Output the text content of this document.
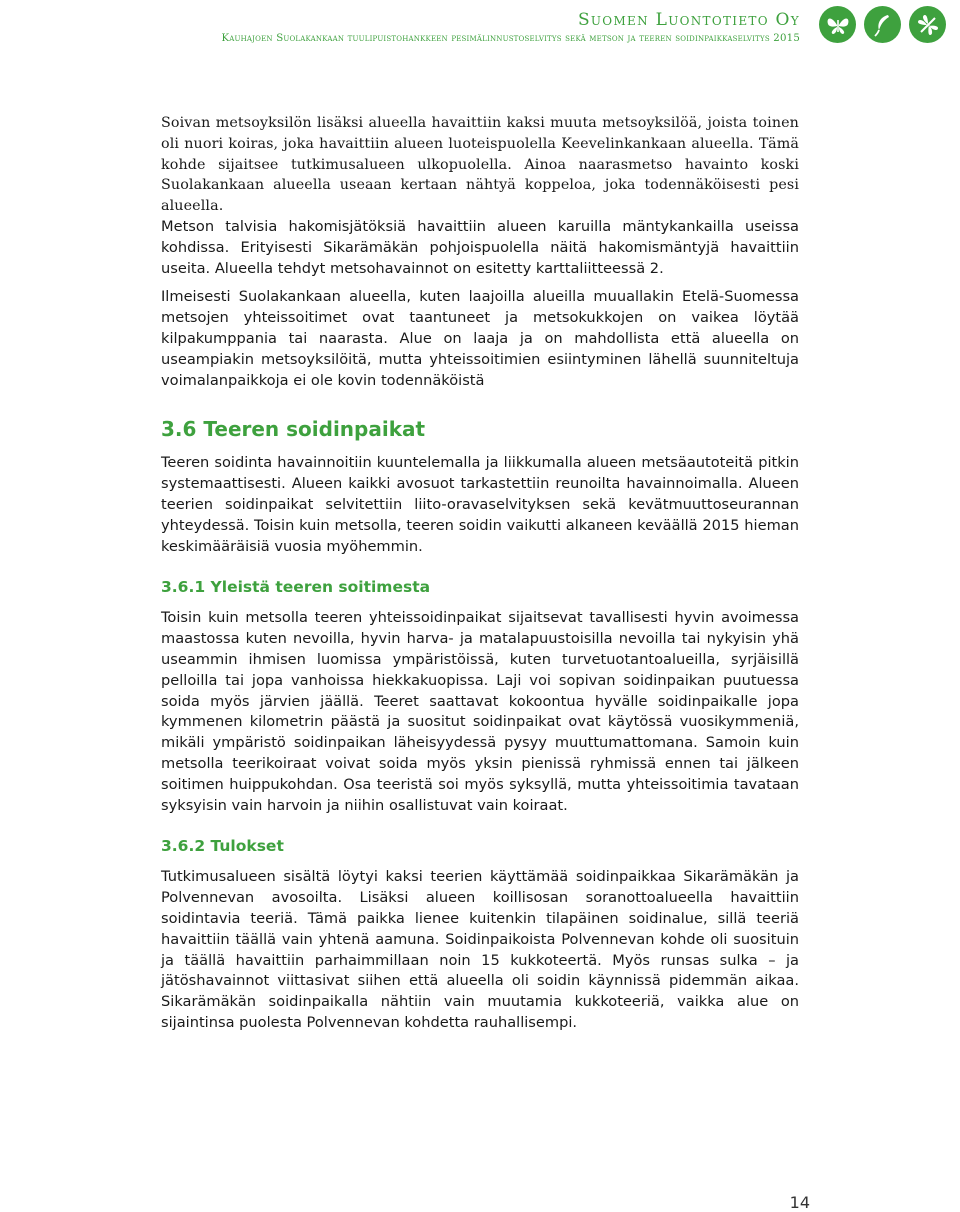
Suomen Luontotieto Oy
Kauhajoen Suolakankaan tuulipuistohankkeen pesimälinnustoselvitys sekä metson ja teeren soidinpaikkaselvitys 2015

Soivan metsoyksilön lisäksi alueella havaittiin kaksi muuta metsoyksilöä, joista toinen oli nuori koiras, joka havaittiin alueen luoteispuolella Keevelinkankaan alueella. Tämä kohde sijaitsee tutkimusalueen ulkopuolella. Ainoa naarasmetso havainto koski Suolakankaan alueella useaan kertaan nähtyä koppeloa, joka todennäköisesti pesi alueella.

Metson talvisia hakomisjätöksiä havaittiin alueen karuilla mäntykankailla useissa kohdissa. Erityisesti Sikarämäkän pohjoispuolella näitä hakomismäntyjä havaittiin useita. Alueella tehdyt metsohavainnot on esitetty karttaliitteessä 2.

Ilmeisesti Suolakankaan alueella, kuten laajoilla alueilla muuallakin Etelä-Suomessa metsojen yhteissoitimet ovat taantuneet ja metsokukkojen on vaikea löytää kilpakumppania tai naarasta. Alue on laaja ja on mahdollista että alueella on useampiakin metsoyksilöitä, mutta yhteissoitimien esiintyminen lähellä suunniteltuja voimalanpaikkoja ei ole kovin todennäköistä

3.6 Teeren soidinpaikat

Teeren soidinta havainnoitiin kuuntelemalla ja liikkumalla alueen metsäautoteitä pitkin systemaattisesti. Alueen kaikki avosuot tarkastettiin reunoilta havainnoimalla. Alueen teerien soidinpaikat selvitettiin liito-oravaselvityksen sekä kevätmuuttoseurannan yhteydessä. Toisin kuin metsolla, teeren soidin vaikutti alkaneen keväällä 2015 hieman keskimääräisiä vuosia myöhemmin.

3.6.1 Yleistä teeren soitimesta

Toisin kuin metsolla teeren yhteissoidinpaikat sijaitsevat tavallisesti hyvin avoimessa maastossa kuten nevoilla, hyvin harva- ja matalapuustoisilla nevoilla tai nykyisin yhä useammin ihmisen luomissa ympäristöissä, kuten turvetuotantoalueilla, syrjäisillä pelloilla tai jopa vanhoissa hiekkakuopissa. Laji voi sopivan soidinpaikan puutuessa soida myös järvien jäällä. Teeret saattavat kokoontua hyvälle soidinpaikalle jopa kymmenen kilometrin päästä ja suositut soidinpaikat ovat käytössä vuosikymmeniä, mikäli ympäristö soidinpaikan läheisyydessä pysyy muuttumattomana. Samoin kuin metsolla teerikoiraat voivat soida myös yksin pienissä ryhmissä ennen tai jälkeen soitimen huippukohdan. Osa teeristä soi myös syksyllä, mutta yhteissoitimia tavataan syksyisin vain harvoin ja niihin osallistuvat vain koiraat.

3.6.2 Tulokset

Tutkimusalueen sisältä löytyi kaksi teerien käyttämää soidinpaikkaa Sikarämäkän ja Polvennevan avosoilta. Lisäksi alueen koillisosan soranottoalueella havaittiin soidintavia teeriä. Tämä paikka lienee kuitenkin tilapäinen soidinalue, sillä teeriä havaittiin täällä vain yhtenä aamuna. Soidinpaikoista Polvennevan kohde oli suosituin ja täällä havaittiin parhaimmillaan noin 15 kukkoteertä. Myös runsas sulka – ja jätöshavainnot viittasivat siihen että alueella oli soidin käynnissä pidemmän aikaa. Sikarämäkän soidinpaikalla nähtiin vain muutamia kukkoteeriä, vaikka alue on sijaintinsa puolesta Polvennevan kohdetta rauhallisempi.

14
